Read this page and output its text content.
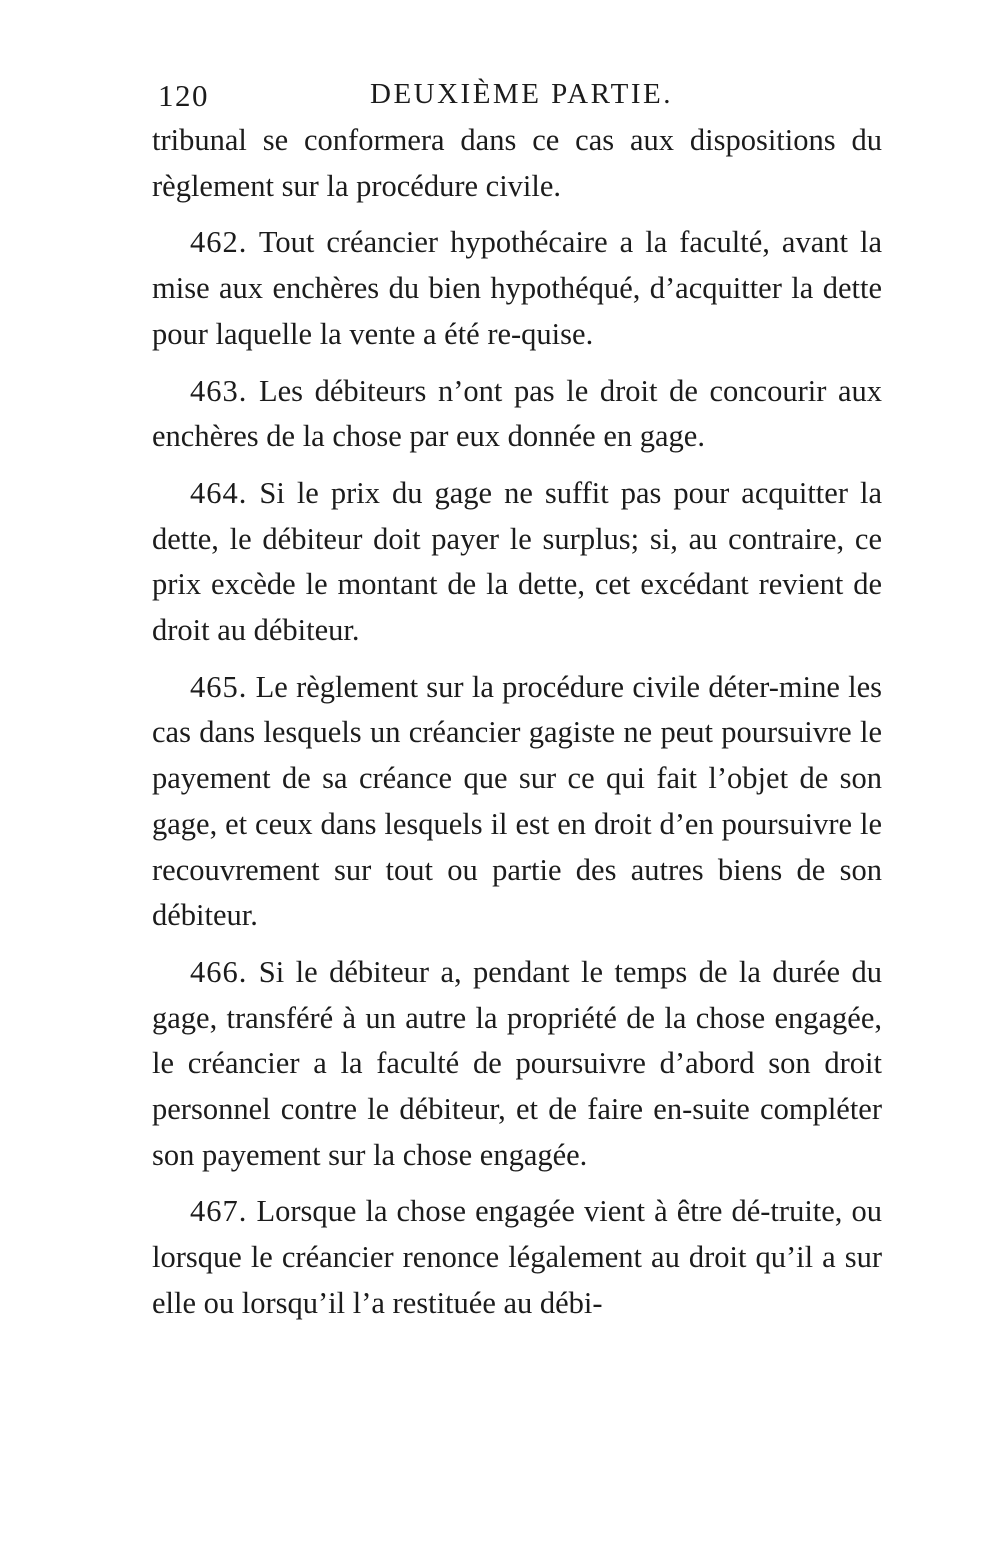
120	DEUXIÈME PARTIE.

tribunal se conformera dans ce cas aux dispositions du règlement sur la procédure civile.

462. Tout créancier hypothécaire a la faculté, avant la mise aux enchères du bien hypothéqué, d’acquitter la dette pour laquelle la vente a été re-quise.

463. Les débiteurs n’ont pas le droit de concourir aux enchères de la chose par eux donnée en gage.

464. Si le prix du gage ne suffit pas pour acquitter la dette, le débiteur doit payer le surplus; si, au contraire, ce prix excède le montant de la dette, cet excédant revient de droit au débiteur.

465. Le règlement sur la procédure civile déter-mine les cas dans lesquels un créancier gagiste ne peut poursuivre le payement de sa créance que sur ce qui fait l’objet de son gage, et ceux dans lesquels il est en droit d’en poursuivre le recouvrement sur tout ou partie des autres biens de son débiteur.

466. Si le débiteur a, pendant le temps de la durée du gage, transféré à un autre la propriété de la chose engagée, le créancier a la faculté de poursuivre d’abord son droit personnel contre le débiteur, et de faire en-suite compléter son payement sur la chose engagée.

467. Lorsque la chose engagée vient à être dé-truite, ou lorsque le créancier renonce légalement au droit qu’il a sur elle ou lorsqu’il l’a restituée au débi-
